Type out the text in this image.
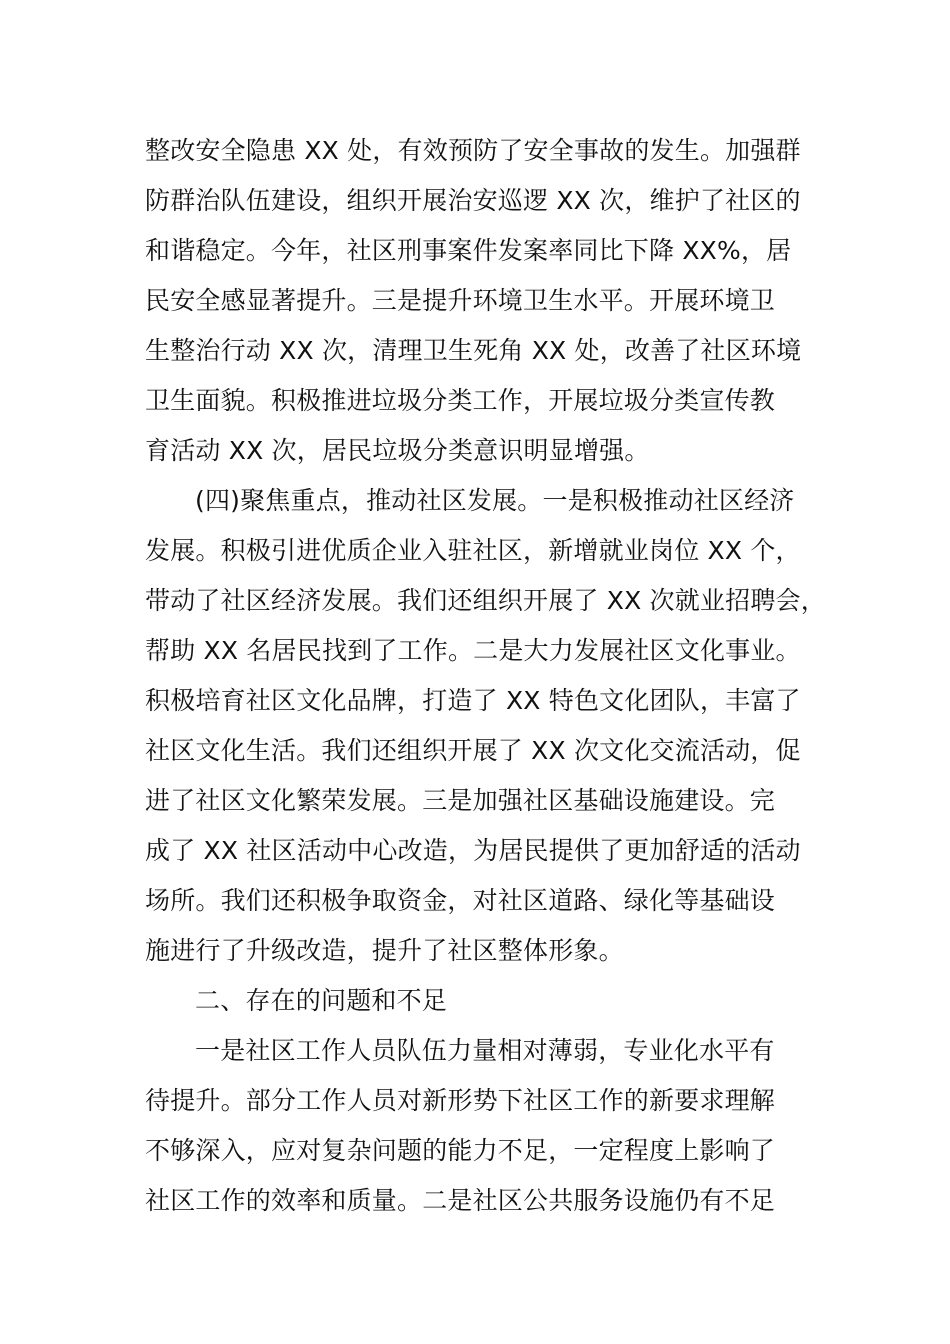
整改安全隐患 XX 处，有效预防了安全事故的发生。加强群
防群治队伍建设，组织开展治安巡逻 XX 次，维护了社区的
和谐稳定。今年，社区刑事案件发案率同比下降 XX%，居
民安全感显著提升。三是提升环境卫生水平。开展环境卫
生整治行动 XX 次，清理卫生死角 XX 处，改善了社区环境
卫生面貌。积极推进垃圾分类工作，开展垃圾分类宣传教
育活动 XX 次，居民垃圾分类意识明显增强。
(四)聚焦重点，推动社区发展。一是积极推动社区经济
发展。积极引进优质企业入驻社区，新增就业岗位 XX 个，
带动了社区经济发展。我们还组织开展了 XX 次就业招聘会，
帮助 XX 名居民找到了工作。二是大力发展社区文化事业。
积极培育社区文化品牌，打造了 XX 特色文化团队，丰富了
社区文化生活。我们还组织开展了 XX 次文化交流活动，促
进了社区文化繁荣发展。三是加强社区基础设施建设。完
成了 XX 社区活动中心改造，为居民提供了更加舒适的活动
场所。我们还积极争取资金，对社区道路、绿化等基础设
施进行了升级改造，提升了社区整体形象。
二、存在的问题和不足
一是社区工作人员队伍力量相对薄弱，专业化水平有
待提升。部分工作人员对新形势下社区工作的新要求理解
不够深入，应对复杂问题的能力不足，一定程度上影响了
社区工作的效率和质量。二是社区公共服务设施仍有不足
